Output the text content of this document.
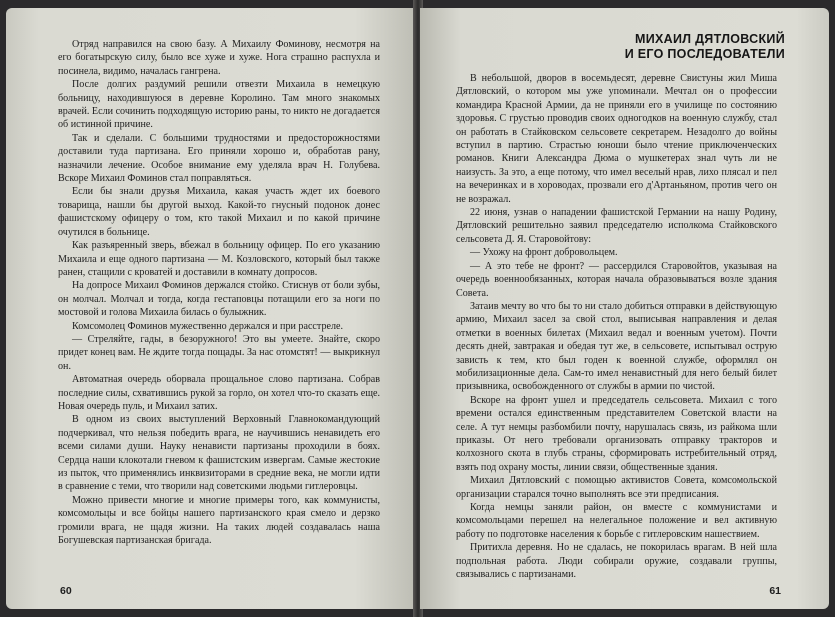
Отряд направился на свою базу. А Михаилу Фоминову, несмотря на его богатырскую силу, было все хуже и хуже. Нога страшно распухла и посинела, видимо, началась гангрена.

После долгих раздумий решили отвезти Михаила в немецкую больницу, находившуюся в деревне Королино. Там много знакомых врачей. Если сочинить подходящую историю раны, то никто не догадается об истинной причине.

Так и сделали. С большими трудностями и предосторожностями доставили туда партизана. Его приняли хорошо и, обработав рану, назначили лечение. Особое внимание ему уделяла врач Н. Голубева. Вскоре Михаил Фоминов стал поправляться.

Если бы знали друзья Михаила, какая участь ждет их боевого товарища, нашли бы другой выход. Какой-то гнусный подонок донес фашистскому офицеру о том, кто такой Михаил и по какой причине очутился в больнице.

Как разъяренный зверь, вбежал в больницу офицер. По его указанию Михаила и еще одного партизана — М. Козловского, который был также ранен, стащили с кроватей и доставили в комнату допросов.

На допросе Михаил Фоминов держался стойко. Стиснув от боли зубы, он молчал. Молчал и тогда, когда гестаповцы потащили его за ноги по мостовой и голова Михаила билась о булыжник.

Комсомолец Фоминов мужественно держался и при расстреле.

— Стреляйте, гады, в безоружного! Это вы умеете. Знайте, скоро придет конец вам. Не ждите тогда пощады. За нас отомстят! — выкрикнул он.

Автоматная очередь оборвала прощальное слово партизана. Собрав последние силы, схватившись рукой за горло, он хотел что-то сказать еще. Новая очередь пуль, и Михаил затих.

В одном из своих выступлений Верховный Главнокомандующий подчеркивал, что нельзя победить врага, не научившись ненавидеть его всеми силами души. Науку ненависти партизаны проходили в боях. Сердца наши клокотали гневом к фашистским извергам. Самые жестокие из пыток, что применялись инквизиторами в средние века, не могли идти в сравнение с теми, что творили над советскими людьми гитлеровцы.

Можно привести многие и многие примеры того, как коммунисты, комсомольцы и все бойцы нашего партизанского края смело и дерзко громили врага, не щадя жизни. На таких людей создавалась наша Богушевская партизанская бригада.

60
МИХАИЛ ДЯТЛОВСКИЙ
И ЕГО ПОСЛЕДОВАТЕЛИ

В небольшой, дворов в восемьдесят, деревне Свистуны жил Миша Дятловский, о котором мы уже упоминали. Мечтал он о профессии командира Красной Армии, да не приняли его в училище по состоянию здоровья. С грустью проводив своих одногодков на военную службу, стал он работать в Стайковском сельсовете секретарем. Незадолго до войны вступил в партию. Страстью юноши было чтение приключенческих романов. Книги Александра Дюма о мушкетерах знал чуть ли не наизусть. За это, а еще потому, что имел веселый нрав, лихо плясал и пел на вечеринках и в хороводах, прозвали его д'Артаньяном, против чего он не возражал.

22 июня, узнав о нападении фашистской Германии на нашу Родину, Дятловский решительно заявил председателю исполкома Стайковского сельсовета Д. Я. Старовойтову:

— Ухожу на фронт добровольцем.

— А это тебе не фронт? — рассердился Старовойтов, указывая на очередь военнообязанных, которая начала образовываться возле здания Совета.

Затаив мечту во что бы то ни стало добиться отправки в действующую армию, Михаил засел за свой стол, выписывая направления и делая отметки в военных билетах (Михаил ведал и военным учетом). Почти десять дней, завтракая и обедая тут же, в сельсовете, испытывал острую зависть к тем, кто был годен к военной службе, оформлял он мобилизационные дела. Сам-то имел ненавистный для него белый билет призывника, освобожденного от службы в армии по чистой.

Вскоре на фронт ушел и председатель сельсовета. Михаил с того времени остался единственным представителем Советской власти на селе. А тут немцы разбомбили почту, нарушалась связь, из райкома шли приказы. От него требовали организовать отправку тракторов и колхозного скота в глубь страны, сформировать истребительный отряд, взять под охрану мосты, линии связи, общественные здания.

Михаил Дятловский с помощью активистов Совета, комсомольской организации старался точно выполнять все эти предписания.

Когда немцы заняли район, он вместе с коммунистами и комсомольцами перешел на нелегальное положение и вел активную работу по подготовке населения к борьбе с гитлеровским нашествием.

Притихла деревня. Но не сдалась, не покорилась врагам. В ней шла подпольная работа. Люди собирали оружие, создавали группы, связывались с партизанами.

61
